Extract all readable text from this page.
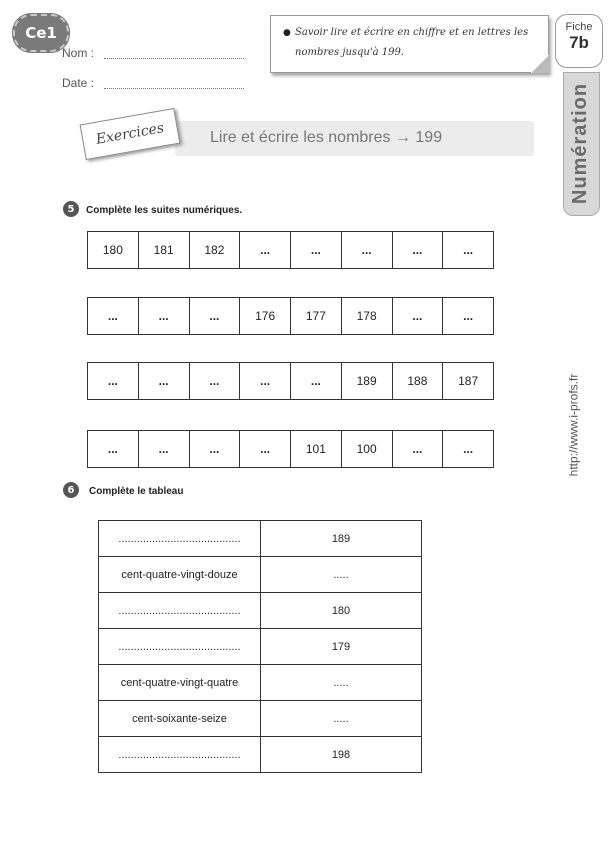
Ce1
Nom :
Date :
● Savoir lire et écrire en chiffre et en lettres les nombres jusqu'à 199.
Fiche
7b
Numération
http://www.i-profs.fr
Lire et écrire les nombres → 199
Exercices
5	Complète les suites numériques.
180	181	182	...	...	...	...	...
...	...	...	176	177	178	...	...
...	...	...	...	...	189	188	187
...	...	...	...	101	100	...	...
6	Complète le tableau
........................................	189
cent-quatre-vingt-douze	.....
........................................	180
........................................	179
cent-quatre-vingt-quatre	.....
cent-soixante-seize	.....
........................................	198
